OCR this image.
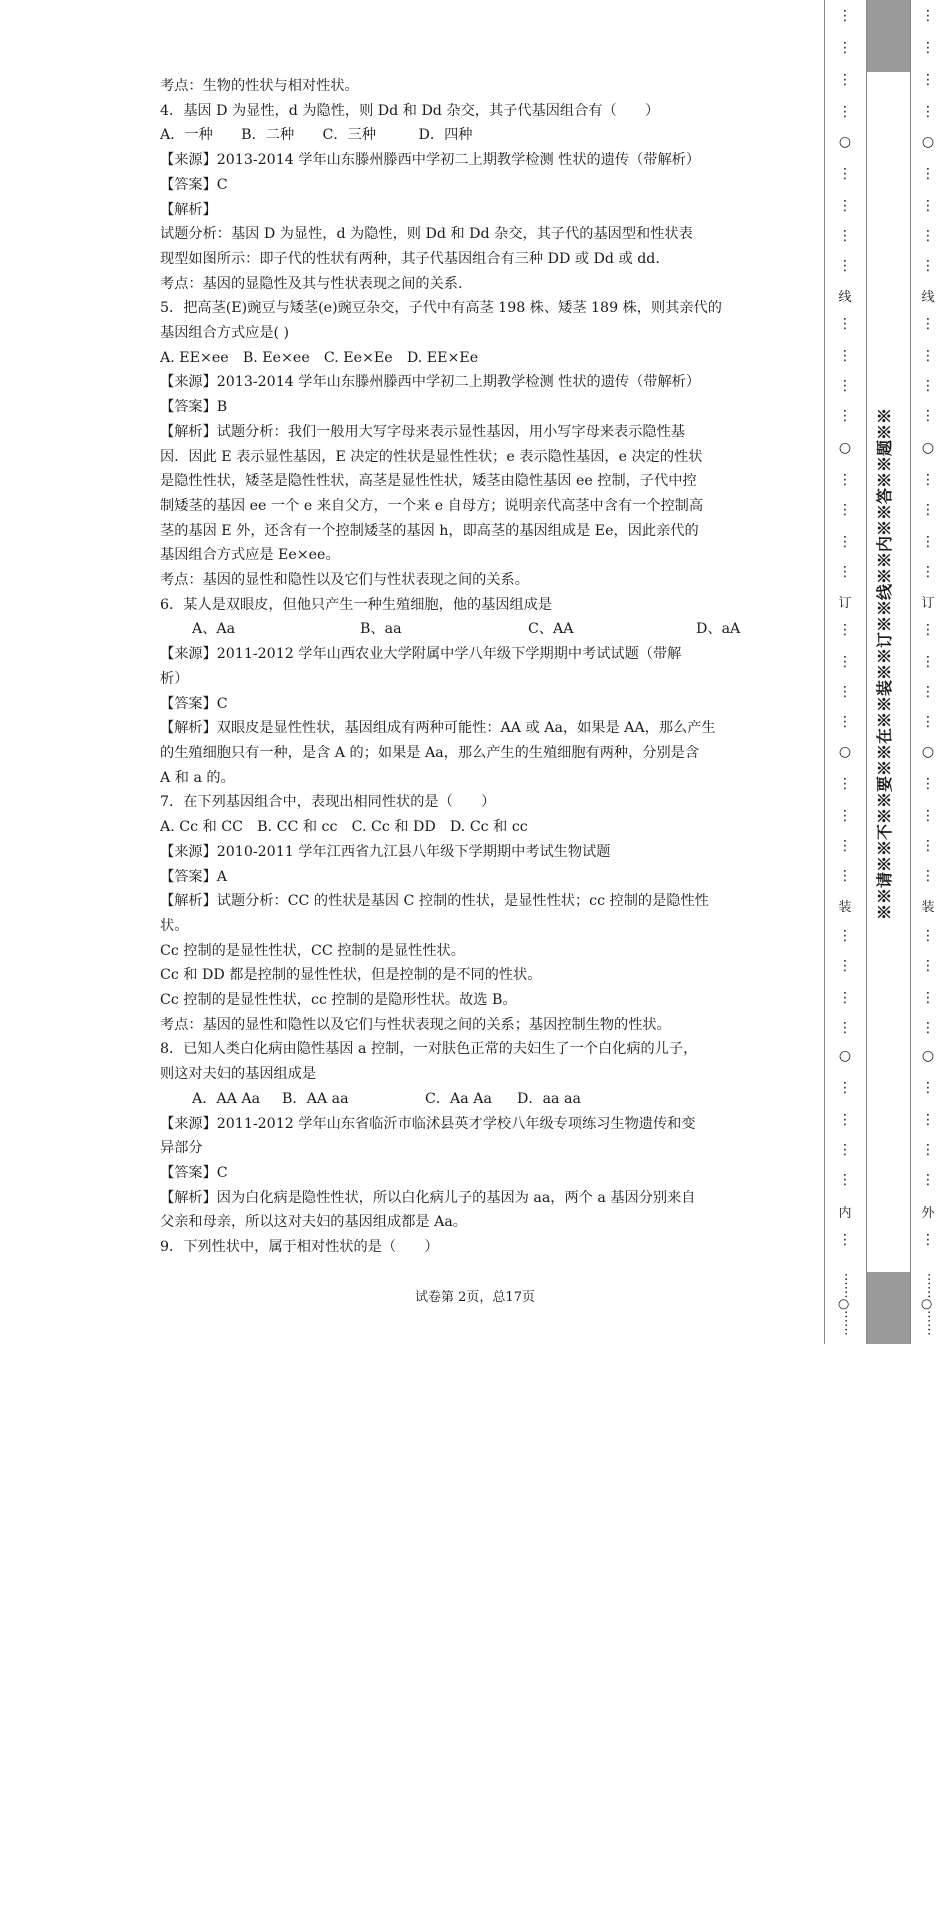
考点：生物的性状与相对性状。
4．基因 D 为显性，d 为隐性，则 Dd 和 Dd 杂交，其子代基因组合有（　　）
A．一种　　B．二种　　C．三种　　　D．四种
【来源】2013-2014 学年山东滕州滕西中学初二上期教学检测 性状的遗传（带解析）
【答案】C
【解析】
试题分析：基因 D 为显性，d 为隐性，则 Dd 和 Dd 杂交，其子代的基因型和性状表
现型如图所示：即子代的性状有两种，其子代基因组合有三种 DD 或 Dd 或 dd.
考点：基因的显隐性及其与性状表现之间的关系.
5．把高茎(E)豌豆与矮茎(e)豌豆杂交，子代中有高茎 198 株、矮茎 189 株，则其亲代的
基因组合方式应是( )
A. EE×ee　B. Ee×ee　C. Ee×Ee　D. EE×Ee
【来源】2013-2014 学年山东滕州滕西中学初二上期教学检测 性状的遗传（带解析）
【答案】B
【解析】试题分析：我们一般用大写字母来表示显性基因，用小写字母来表示隐性基
因．因此 E 表示显性基因，E 决定的性状是显性性状；e 表示隐性基因，e 决定的性状
是隐性性状，矮茎是隐性性状，高茎是显性性状，矮茎由隐性基因 ee 控制，子代中控
制矮茎的基因 ee 一个 e 来自父方，一个来 e 自母方；说明亲代高茎中含有一个控制高
茎的基因 E 外，还含有一个控制矮茎的基因 h，即高茎的基因组成是 Ee，因此亲代的
基因组合方式应是 Ee×ee。
考点：基因的显性和隐性以及它们与性状表现之间的关系。
6．某人是双眼皮，但他只产生一种生殖细胞，他的基因组成是
A、Aa	B、aa	C、AA	D、aA
【来源】2011-2012 学年山西农业大学附属中学八年级下学期期中考试试题（带解
析）
【答案】C
【解析】双眼皮是显性性状，基因组成有两种可能性：AA 或 Aa，如果是 AA，那么产生
的生殖细胞只有一种，是含 A 的；如果是 Aa，那么产生的生殖细胞有两种，分别是含
A 和 a 的。
7．在下列基因组合中，表现出相同性状的是（　　）
A. Cc 和 CC　B. CC 和 cc　C. Cc 和 DD　D. Cc 和 cc
【来源】2010-2011 学年江西省九江县八年级下学期期中考试生物试题
【答案】A
【解析】试题分析：CC 的性状是基因 C 控制的性状，是显性性状；cc 控制的是隐性性
状。
Cc 控制的是显性性状，CC 控制的是显性性状。
Cc 和 DD 都是控制的显性性状，但是控制的是不同的性状。
Cc 控制的是显性性状，cc 控制的是隐形性状。故选 B。
考点：基因的显性和隐性以及它们与性状表现之间的关系；基因控制生物的性状。
8．已知人类白化病由隐性基因 a 控制，一对肤色正常的夫妇生了一个白化病的儿子，
则这对夫妇的基因组成是
A．AA Aa	B．AA aa	C．Aa Aa	D．aa aa
【来源】2011-2012 学年山东省临沂市临沭县英才学校八年级专项练习生物遗传和变
异部分
【答案】C
【解析】因为白化病是隐性性状，所以白化病儿子的基因为 aa，两个 a 基因分别来自
父亲和母亲，所以这对夫妇的基因组成都是 Aa。
9．下列性状中，属于相对性状的是（　　）
试卷第 2页，总17页
⋮
⋮
⋮
⋮
○
⋮
⋮
⋮
⋮
线
⋮
⋮
⋮
⋮
○
⋮
⋮
⋮
⋮
订
⋮
⋮
⋮
⋮
○
⋮
⋮
⋮
⋮
装
⋮
⋮
⋮
⋮
○
⋮
⋮
⋮
⋮
内
⋮
※※请※※不※※要※※在※※装※※订※※线※※内※※答※※题※※
⋮
⋮
⋮
⋮
○
⋮
⋮
⋮
⋮
线
⋮
⋮
⋮
⋮
○
⋮
⋮
⋮
⋮
订
⋮
⋮
⋮
⋮
○
⋮
⋮
⋮
⋮
装
⋮
⋮
⋮
⋮
○
⋮
⋮
⋮
⋮
外
⋮
……○……	……○……
